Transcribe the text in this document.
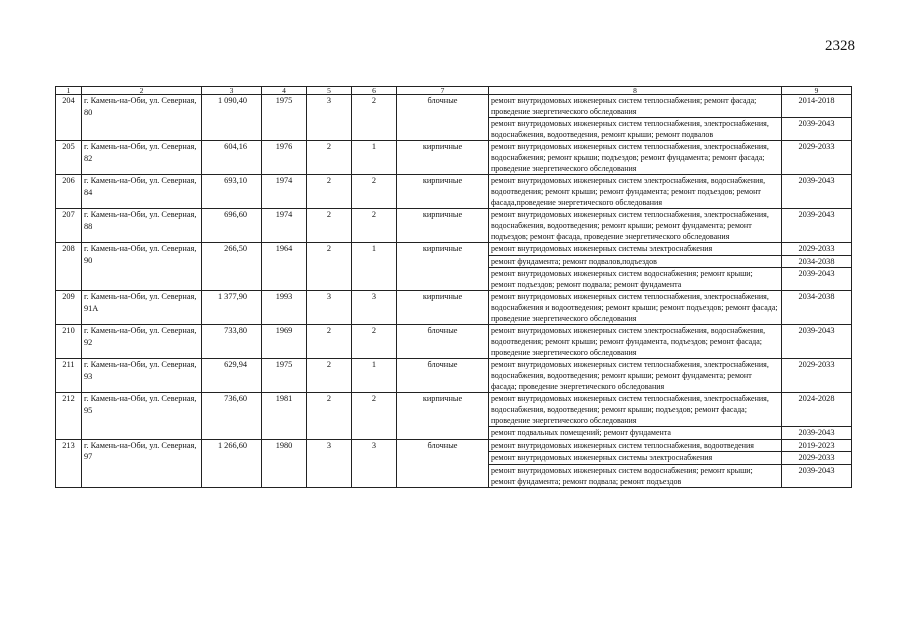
2328
1	2	3	4	5	6	7	8	9
204	г. Камень-на-Оби, ул. Северная, 80	1 090,40	1975	3	2	блочные	ремонт внутридомовых инженерных систем теплоснабжения; ремонт фасада; проведение энергетического обследования	2014-2018
							ремонт внутридомовых инженерных систем теплоснабжения, электроснабжения, водоснабжения, водоотведения, ремонт крыши; ремонт подвалов	2039-2043
205	г. Камень-на-Оби, ул. Северная, 82	604,16	1976	2	1	кирпичные	ремонт внутридомовых инженерных систем теплоснабжения, электроснабжения, водоснабжения; ремонт крыши; подъездов; ремонт фундамента; ремонт фасада; проведение энергетического обследования	2029-2033
206	г. Камень-на-Оби, ул. Северная, 84	693,10	1974	2	2	кирпичные	ремонт внутридомовых инженерных систем электроснабжения, водоснабжения, водоотведения; ремонт крыши; ремонт фундамента; ремонт подъездов; ремонт фасада,проведение энергетического обследования	2039-2043
207	г. Камень-на-Оби, ул. Северная, 88	696,60	1974	2	2	кирпичные	ремонт внутридомовых инженерных систем теплоснабжения, электроснабжения, водоснабжения, водоотведения; ремонт крыши; ремонт фундамента; ремонт подъездов; ремонт фасада, проведение энергетического обследования	2039-2043
208	г. Камень-на-Оби, ул. Северная, 90	266,50	1964	2	1	кирпичные	ремонт внутридомовых инженерных системы электроснабжения	2029-2033
							ремонт фундамента; ремонт подвалов,подъездов	2034-2038
							ремонт внутридомовых инженерных систем водоснабжения; ремонт крыши; ремонт подъездов; ремонт подвала; ремонт фундамента	2039-2043
209	г. Камень-на-Оби, ул. Северная, 91А	1 377,90	1993	3	3	кирпичные	ремонт внутридомовых инженерных систем теплоснабжения, электроснабжения, водоснабжения и водоотведения; ремонт крыши; ремонт подъездов; ремонт фасада; проведение энергетического обследования	2034-2038
210	г. Камень-на-Оби, ул. Северная, 92	733,80	1969	2	2	блочные	ремонт внутридомовых инженерных систем электроснабжения, водоснабжения, водоотведения; ремонт крыши; ремонт фундамента, подъездов; ремонт фасада; проведение энергетического обследования	2039-2043
211	г. Камень-на-Оби, ул. Северная, 93	629,94	1975	2	1	блочные	ремонт внутридомовых инженерных систем теплоснабжения, электроснабжения, водоснабжения, водоотведения; ремонт крыши; ремонт фундамента; ремонт фасада; проведение энергетического обследования	2029-2033
212	г. Камень-на-Оби, ул. Северная, 95	736,60	1981	2	2	кирпичные	ремонт внутридомовых инженерных систем теплоснабжения, электроснабжения, водоснабжения, водоотведения; ремонт крыши; подъездов; ремонт фасада; проведение энергетического обследования	2024-2028
							ремонт подвальных помещений; ремонт фундамента	2039-2043
213	г. Камень-на-Оби, ул. Северная, 97	1 266,60	1980	3	3	блочные	ремонт внутридомовых инженерных систем теплоснабжения, водоотведения	2019-2023
							ремонт внутридомовых инженерных системы электроснабжения	2029-2033
							ремонт внутридомовых инженерных систем водоснабжения; ремонт крыши; ремонт фундамента; ремонт подвала; ремонт подъездов	2039-2043
